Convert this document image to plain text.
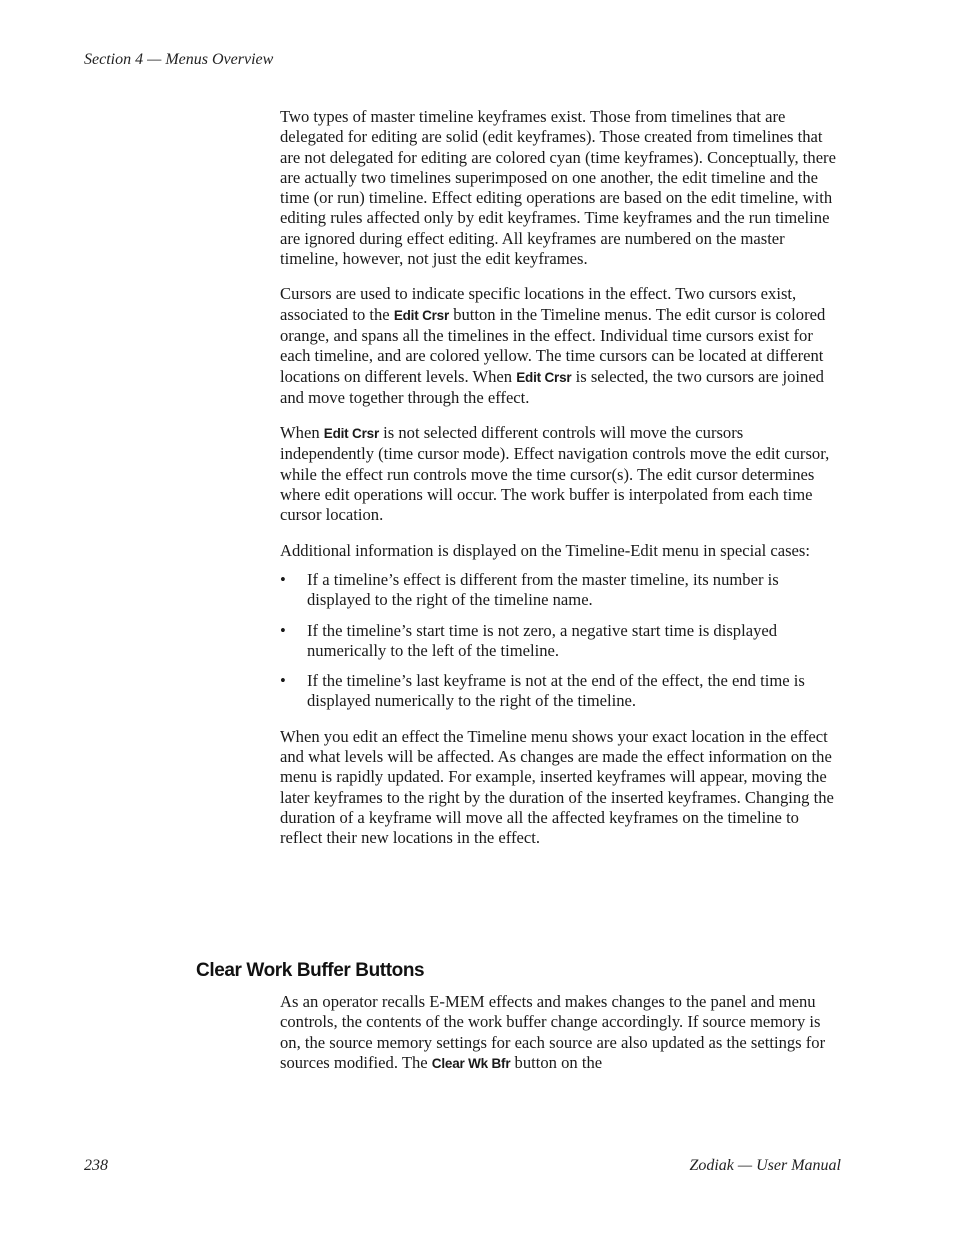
Section 4 — Menus Overview

Two types of master timeline keyframes exist. Those from timelines that are delegated for editing are solid (edit keyframes). Those created from timelines that are not delegated for editing are colored cyan (time keyframes). Conceptually, there are actually two timelines superimposed on one another, the edit timeline and the time (or run) timeline. Effect editing operations are based on the edit timeline, with editing rules affected only by edit keyframes. Time keyframes and the run timeline are ignored during effect editing. All keyframes are numbered on the master timeline, however, not just the edit keyframes.

Cursors are used to indicate specific locations in the effect. Two cursors exist, associated to the Edit Crsr button in the Timeline menus. The edit cursor is colored orange, and spans all the timelines in the effect. Individual time cursors exist for each timeline, and are colored yellow. The time cursors can be located at different locations on different levels. When Edit Crsr is selected, the two cursors are joined and move together through the effect.

When Edit Crsr is not selected different controls will move the cursors independently (time cursor mode). Effect navigation controls move the edit cursor, while the effect run controls move the time cursor(s). The edit cursor determines where edit operations will occur. The work buffer is interpolated from each time cursor location.

Additional information is displayed on the Timeline-Edit menu in special cases:

• If a timeline’s effect is different from the master timeline, its number is displayed to the right of the timeline name.
• If the timeline’s start time is not zero, a negative start time is displayed numerically to the left of the timeline.
• If the timeline’s last keyframe is not at the end of the effect, the end time is displayed numerically to the right of the timeline.

When you edit an effect the Timeline menu shows your exact location in the effect and what levels will be affected. As changes are made the effect information on the menu is rapidly updated. For example, inserted keyframes will appear, moving the later keyframes to the right by the duration of the inserted keyframes. Changing the duration of a keyframe will move all the affected keyframes on the timeline to reflect their new locations in the effect.

Clear Work Buffer Buttons

As an operator recalls E-MEM effects and makes changes to the panel and menu controls, the contents of the work buffer change accordingly. If source memory is on, the source memory settings for each source are also updated as the settings for sources modified. The Clear Wk Bfr button on the

238	Zodiak — User Manual
